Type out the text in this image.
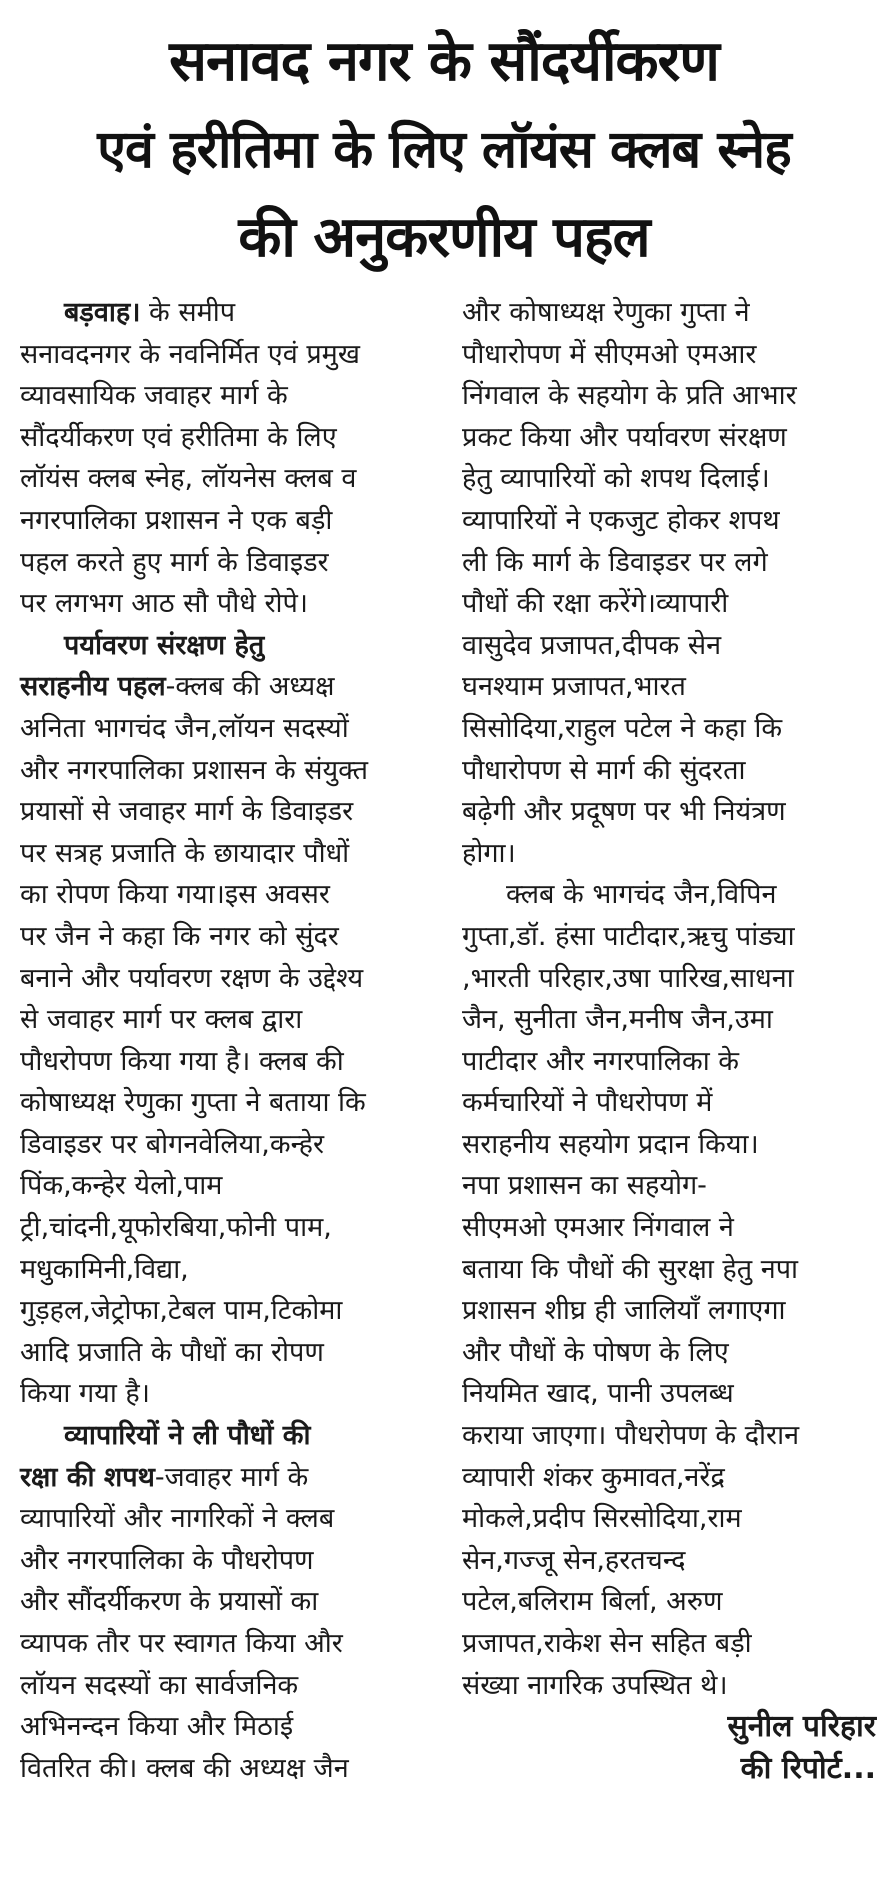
सनावद नगर के सौंदर्यीकरण
एवं हरीतिमा के लिए लॉयंस क्लब स्नेह
की अनुकरणीय पहल
बड़वाह। के समीप
सनावदनगर के नवनिर्मित एवं प्रमुख
व्यावसायिक जवाहर मार्ग के
सौंदर्यीकरण एवं हरीतिमा के लिए
लॉयंस क्लब स्नेह, लॉयनेस क्लब व
नगरपालिका प्रशासन ने एक बड़ी
पहल करते हुए मार्ग के डिवाइडर
पर लगभग आठ सौ पौधे रोपे।
पर्यावरण संरक्षण हेतु
सराहनीय पहल-क्लब की अध्यक्ष
अनिता भागचंद जैन,लॉयन सदस्यों
और नगरपालिका प्रशासन के संयुक्त
प्रयासों से जवाहर मार्ग के डिवाइडर
पर सत्रह प्रजाति के छायादार पौधों
का रोपण किया गया।इस अवसर
पर जैन ने कहा कि नगर को सुंदर
बनाने और पर्यावरण रक्षण के उद्देश्य
से जवाहर मार्ग पर क्लब द्वारा
पौधरोपण किया गया है। क्लब की
कोषाध्यक्ष रेणुका गुप्ता ने बताया कि
डिवाइडर पर बोगनवेलिया,कन्हेर
पिंक,कन्हेर येलो,पाम
ट्री,चांदनी,यूफोरबिया,फोनी पाम,
मधुकामिनी,विद्या,
गुड़हल,जेट्रोफा,टेबल पाम,टिकोमा
आदि प्रजाति के पौधों का रोपण
किया गया है।
व्यापारियों ने ली पौधों की
रक्षा की शपथ-जवाहर मार्ग के
व्यापारियों और नागरिकों ने क्लब
और नगरपालिका के पौधरोपण
और सौंदर्यीकरण के प्रयासों का
व्यापक तौर पर स्वागत किया और
लॉयन सदस्यों का सार्वजनिक
अभिनन्दन किया और मिठाई
वितरित की। क्लब की अध्यक्ष जैन
और कोषाध्यक्ष रेणुका गुप्ता ने
पौधारोपण में सीएमओ एमआर
निंगवाल के सहयोग के प्रति आभार
प्रकट किया और पर्यावरण संरक्षण
हेतु व्यापारियों को शपथ दिलाई।
व्यापारियों ने एकजुट होकर शपथ
ली कि मार्ग के डिवाइडर पर लगे
पौधों की रक्षा करेंगे।व्यापारी
वासुदेव प्रजापत,दीपक सेन
घनश्याम प्रजापत,भारत
सिसोदिया,राहुल पटेल ने कहा कि
पौधारोपण से मार्ग की सुंदरता
बढ़ेगी और प्रदूषण पर भी नियंत्रण
होगा।
क्लब के भागचंद जैन,विपिन
गुप्ता,डॉ. हंसा पाटीदार,ऋचु पांड्या
,भारती परिहार,उषा पारिख,साधना
जैन, सुनीता जैन,मनीष जैन,उमा
पाटीदार और नगरपालिका के
कर्मचारियों ने पौधरोपण में
सराहनीय सहयोग प्रदान किया।
नपा प्रशासन का सहयोग-
सीएमओ एमआर निंगवाल ने
बताया कि पौधों की सुरक्षा हेतु नपा
प्रशासन शीघ्र ही जालियाँ लगाएगा
और पौधों के पोषण के लिए
नियमित खाद, पानी उपलब्ध
कराया जाएगा। पौधरोपण के दौरान
व्यापारी शंकर कुमावत,नरेंद्र
मोकले,प्रदीप सिरसोदिया,राम
सेन,गज्जू सेन,हरतचन्द
पटेल,बलिराम बिर्ला, अरुण
प्रजापत,राकेश सेन सहित बड़ी
संख्या नागरिक उपस्थित थे।
सुनील परिहार
की रिपोर्ट...
